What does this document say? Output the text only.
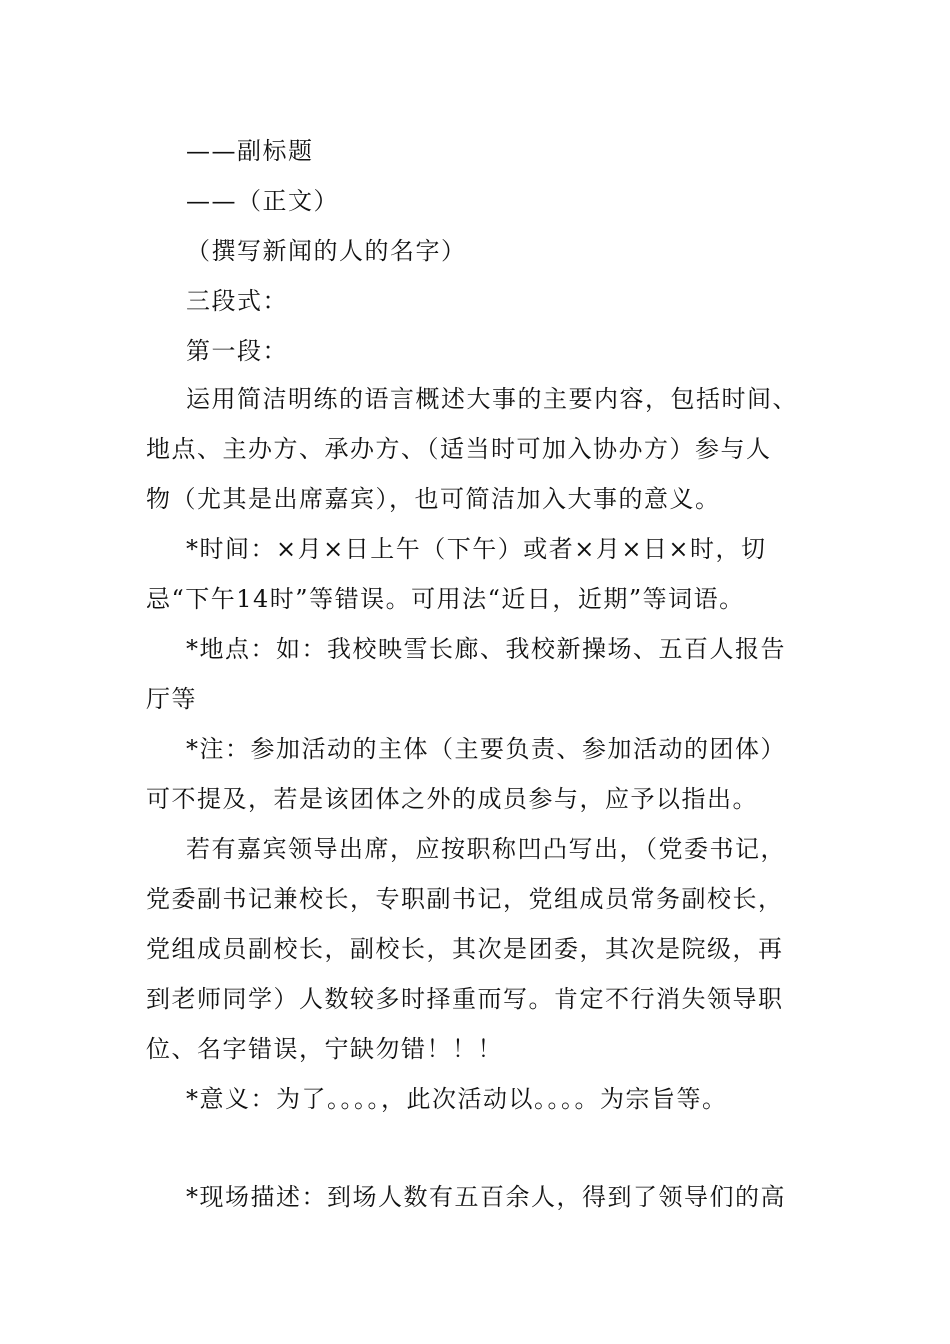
——副标题
——（正文）
（撰写新闻的人的名字）
三段式：
第一段：
运用简洁明练的语言概述大事的主要内容，包括时间、
地点、主办方、承办方、（适当时可加入协办方）参与人
物（尤其是出席嘉宾），也可简洁加入大事的意义。
*时间：×月×日上午（下午）或者×月×日×时，切
忌“下午14时”等错误。可用法“近日，近期”等词语。
*地点：如：我校映雪长廊、我校新操场、五百人报告
厅等
*注：参加活动的主体（主要负责、参加活动的团体）
可不提及，若是该团体之外的成员参与，应予以指出。
若有嘉宾领导出席，应按职称凹凸写出，（党委书记，
党委副书记兼校长，专职副书记，党组成员常务副校长，
党组成员副校长，副校长，其次是团委，其次是院级，再
到老师同学）人数较多时择重而写。肯定不行消失领导职
位、名字错误，宁缺勿错！！！
*意义：为了。。。。，此次活动以。。。。为宗旨等。
*现场描述：到场人数有五百余人，得到了领导们的高
